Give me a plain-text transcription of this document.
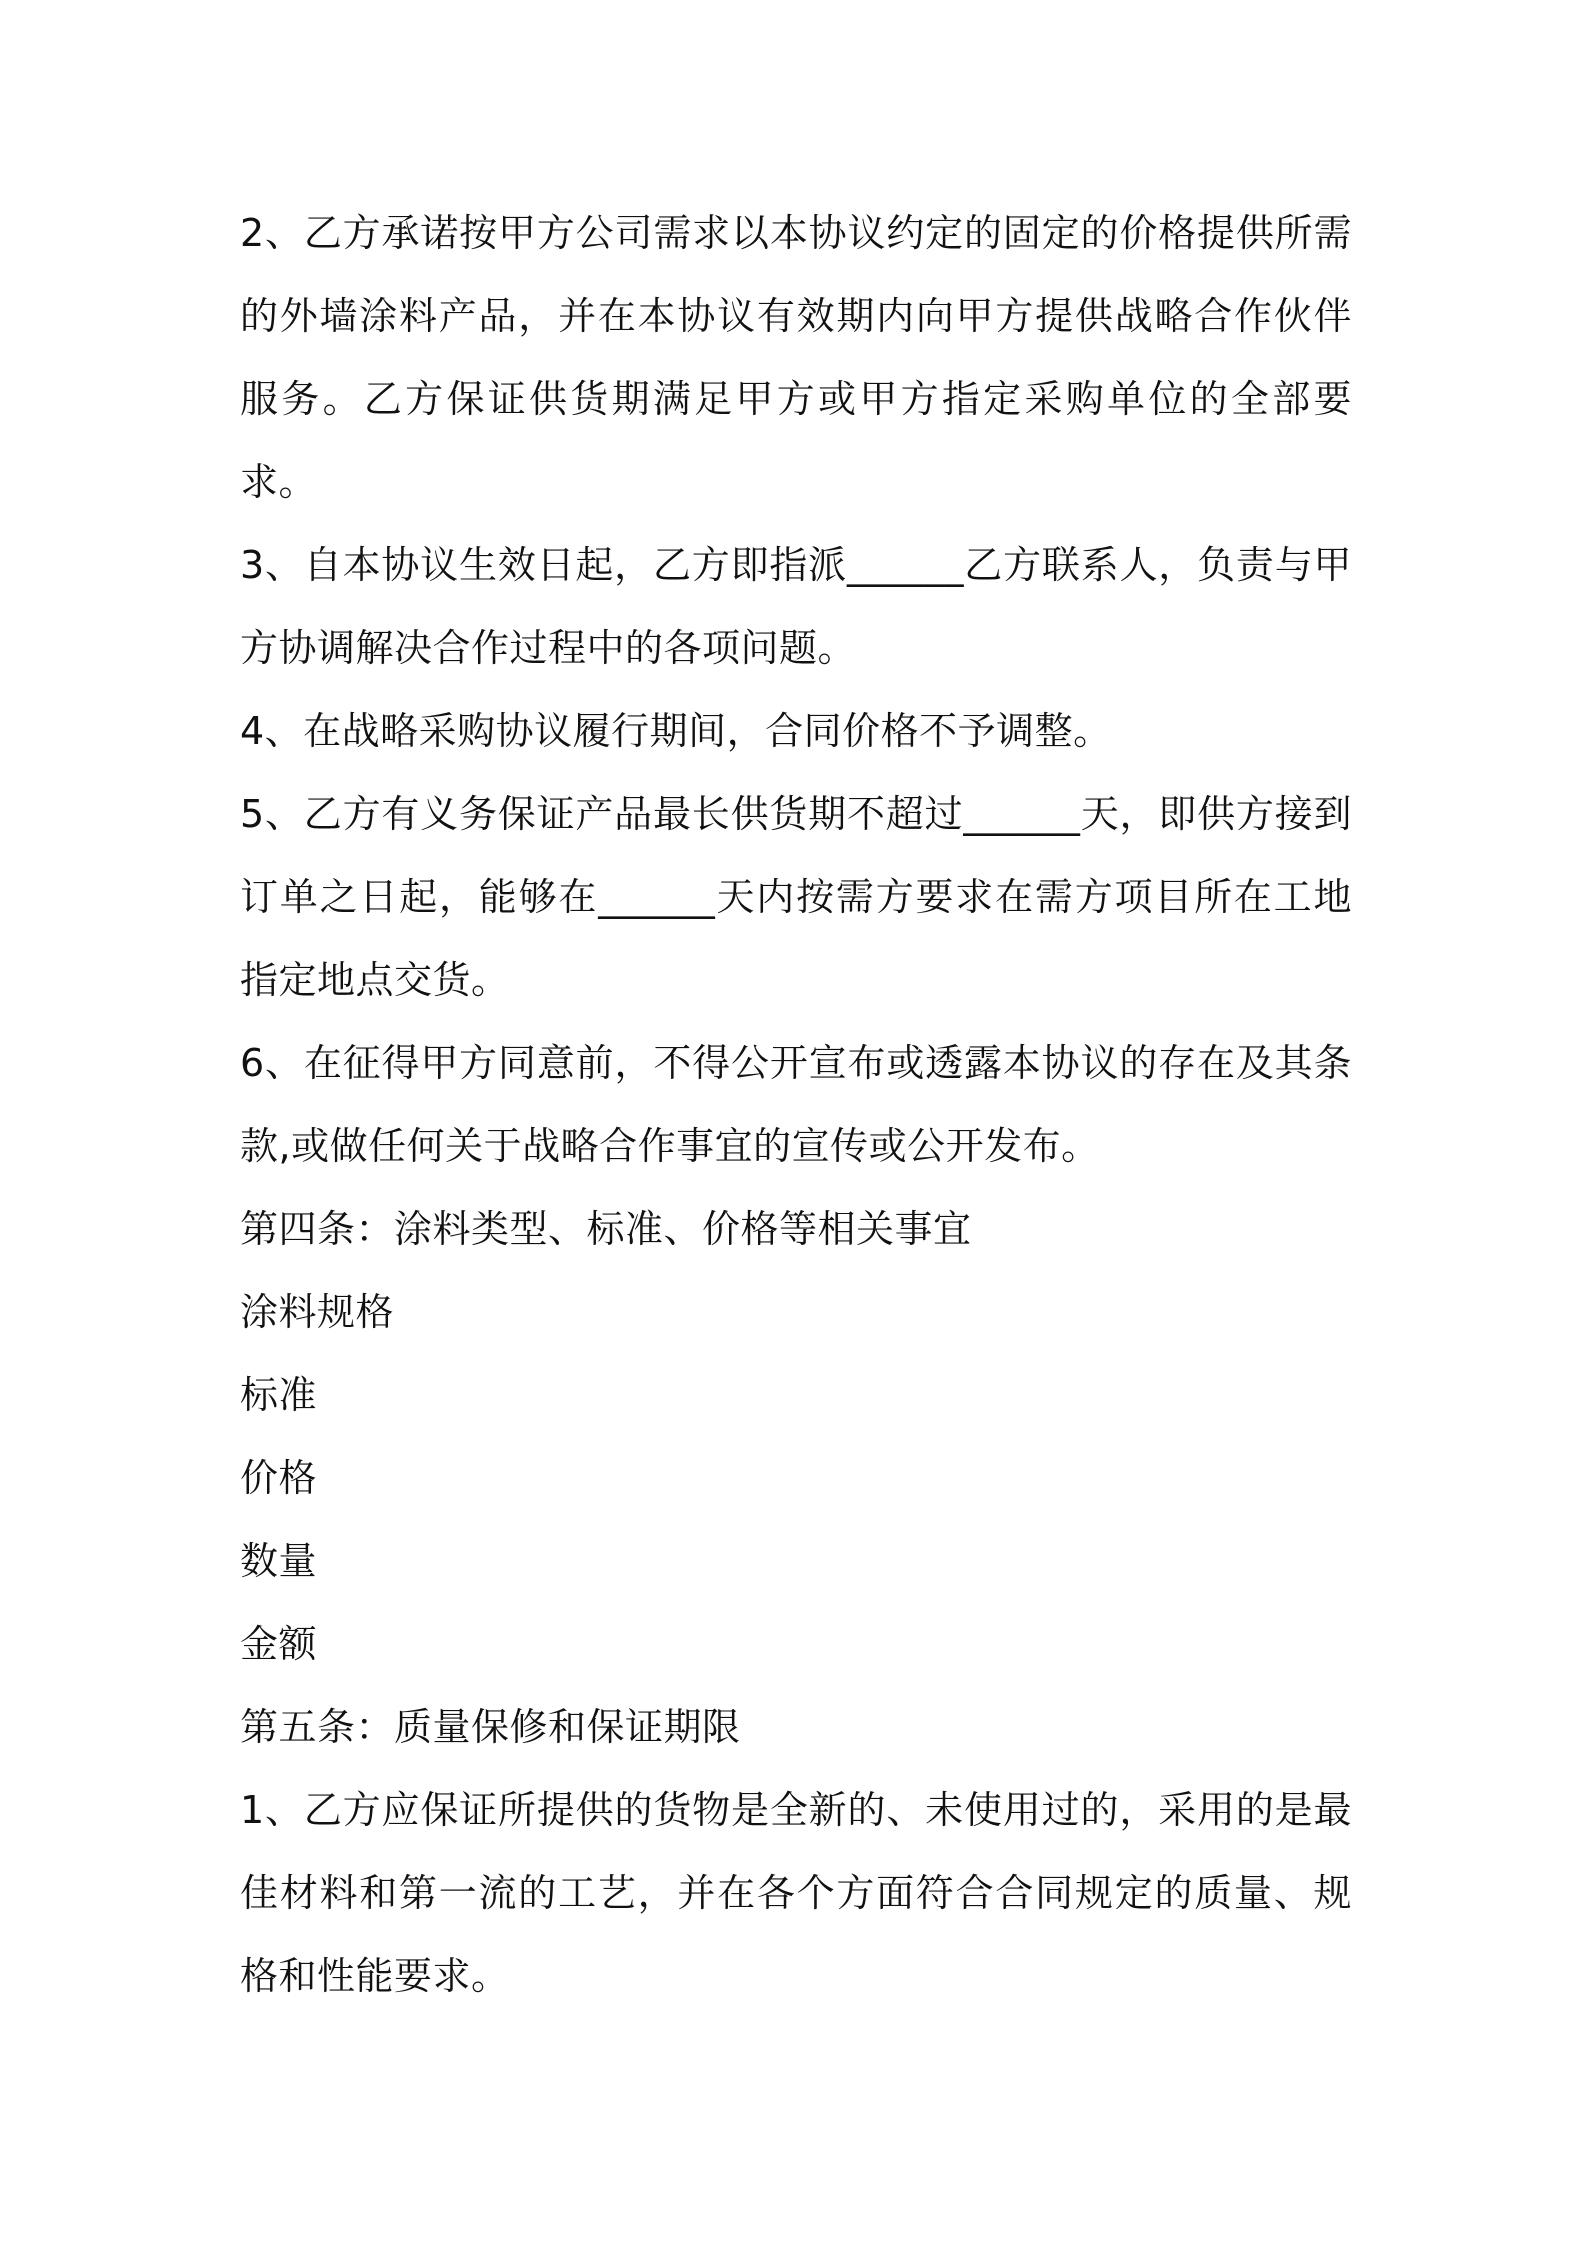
2、乙方承诺按甲方公司需求以本协议约定的固定的价格提供所需的外墙涂料产品，并在本协议有效期内向甲方提供战略合作伙伴服务。乙方保证供货期满足甲方或甲方指定采购单位的全部要求。

3、自本协议生效日起，乙方即指派______乙方联系人，负责与甲方协调解决合作过程中的各项问题。

4、在战略采购协议履行期间，合同价格不予调整。

5、乙方有义务保证产品最长供货期不超过______天，即供方接到订单之日起，能够在______天内按需方要求在需方项目所在工地指定地点交货。

6、在征得甲方同意前，不得公开宣布或透露本协议的存在及其条款,或做任何关于战略合作事宜的宣传或公开发布。

第四条：涂料类型、标准、价格等相关事宜

涂料规格

标准

价格

数量

金额

第五条：质量保修和保证期限

1、乙方应保证所提供的货物是全新的、未使用过的，采用的是最佳材料和第一流的工艺，并在各个方面符合合同规定的质量、规格和性能要求。
